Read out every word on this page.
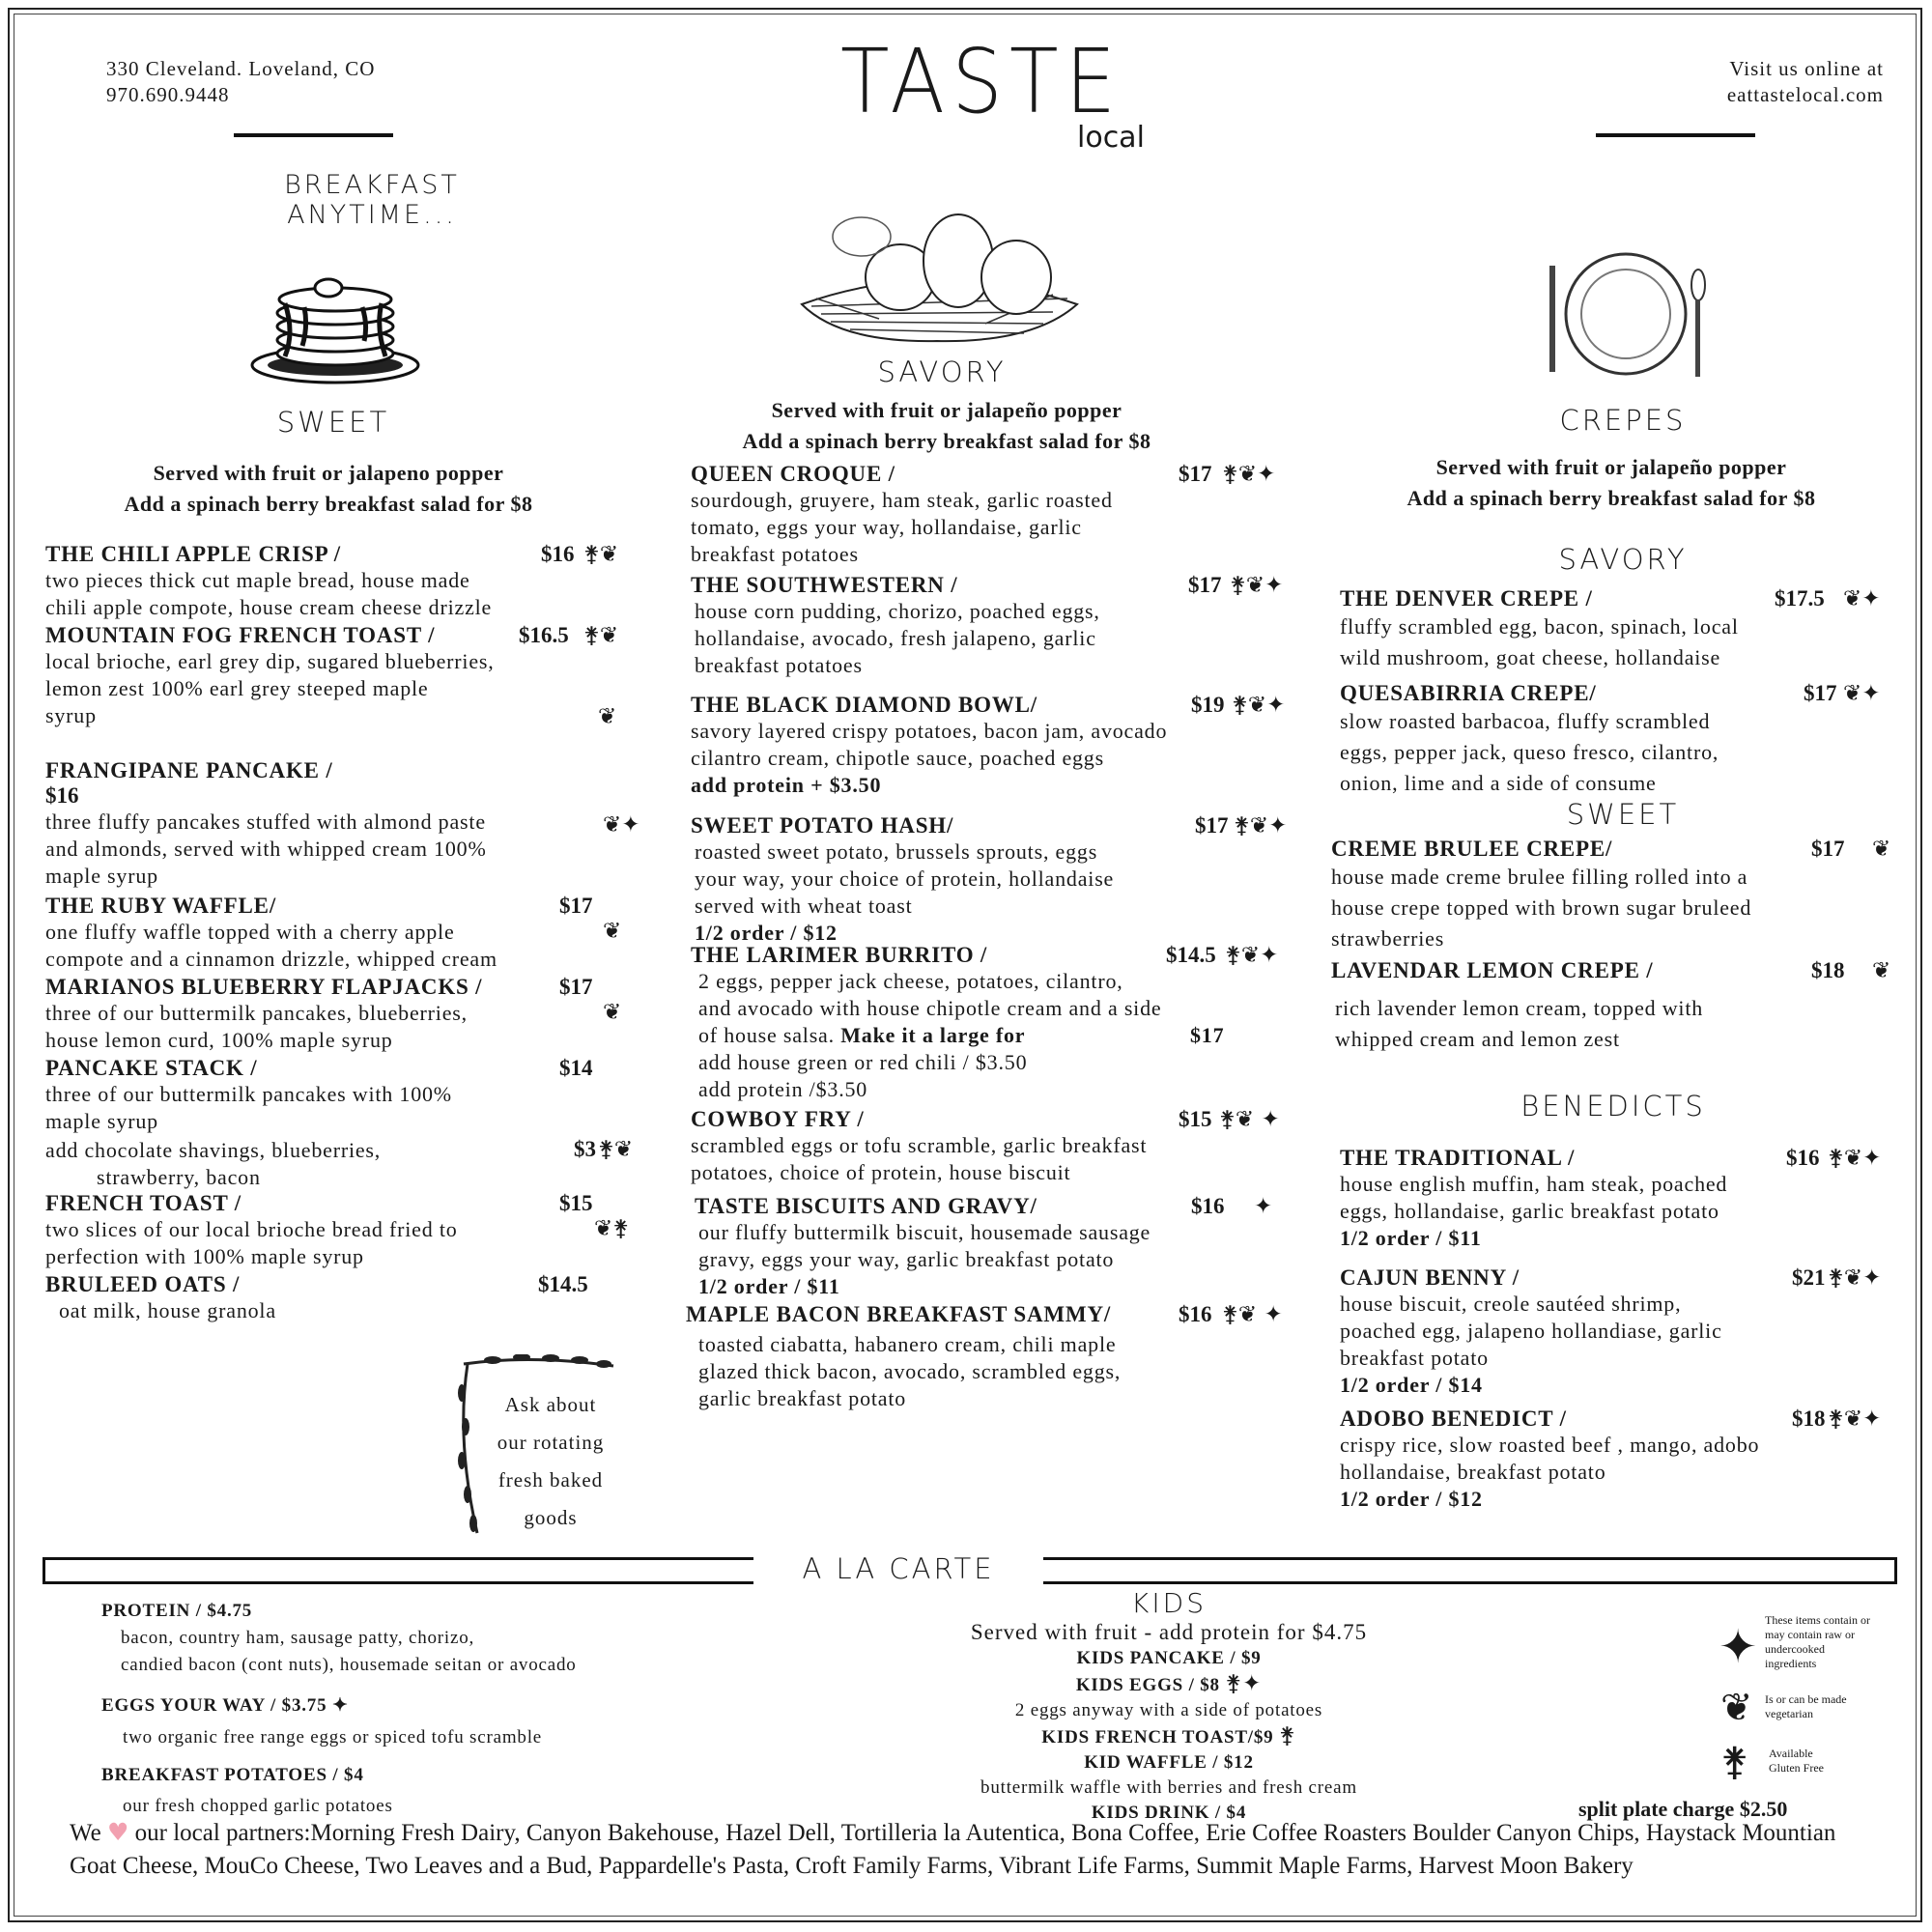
330 Cleveland. Loveland, CO
970.690.9448	TASTE
local
Visit us online at
eattastelocal.com
BREAKFAST ANYTIME...
SWEET
Served with fruit or jalapeno popper
Add a spinach berry breakfast salad for $8
THE CHILI APPLE CRISP /	$16 ⚵❦
two pieces thick cut maple bread, house made
chili apple compote, house cream cheese drizzle
MOUNTAIN FOG FRENCH TOAST /	$16.5 ⚵❦
local brioche, earl grey dip, sugared blueberries,
lemon zest 100% earl grey steeped maple
syrup	❦
FRANGIPANE PANCAKE /
$16
❦✦
three fluffy pancakes stuffed with almond paste
and almonds, served with whipped cream 100%
maple syrup
THE RUBY WAFFLE/	$17
❦
one fluffy waffle topped with a cherry apple
compote and a cinnamon drizzle, whipped cream
MARIANOS BLUEBERRY FLAPJACKS /	$17
❦
three of our buttermilk pancakes, blueberries,
house lemon curd, 100% maple syrup
PANCAKE STACK /	$14
three of our buttermilk pancakes with 100%
maple syrup
add chocolate shavings, blueberries,	$3 ⚵❦
strawberry, bacon
FRENCH TOAST /	$15
❦⚵
two slices of our local brioche bread fried to
perfection with 100% maple syrup
BRULEED OATS /	$14.5
oat milk, house granola
Ask about
our rotating
fresh baked
goods
SAVORY
Served with fruit or jalapeño popper
Add a spinach berry breakfast salad for $8
QUEEN CROQUE /	$17 ⚵❦✦
sourdough, gruyere, ham steak, garlic roasted
tomato, eggs your way, hollandaise, garlic
breakfast potatoes
THE SOUTHWESTERN /	$17 ⚵❦✦
house corn pudding, chorizo, poached eggs,
hollandaise, avocado, fresh jalapeno, garlic
breakfast potatoes
THE BLACK DIAMOND BOWL/	$19 ⚵❦✦
savory layered crispy potatoes, bacon jam, avocado
cilantro cream, chipotle sauce, poached eggs
add protein + $3.50
SWEET POTATO HASH/	$17 ⚵❦✦
roasted sweet potato, brussels sprouts, eggs
your way, your choice of protein, hollandaise
served with wheat toast
1/2 order / $12
THE LARIMER BURRITO /	$14.5 ⚵❦✦
2 eggs, pepper jack cheese, potatoes, cilantro,
and avocado with house chipotle cream and a side
of house salsa. Make it a large for	$17
add house green or red chili / $3.50
add protein /$3.50
COWBOY FRY /	$15 ⚵❦ ✦
scrambled eggs or tofu scramble, garlic breakfast
potatoes, choice of protein, house biscuit
TASTE BISCUITS AND GRAVY/	$16 ✦
our fluffy buttermilk biscuit, housemade sausage
gravy, eggs your way, garlic breakfast potato
1/2 order / $11
MAPLE BACON BREAKFAST SAMMY/	$16 ⚵❦ ✦
toasted ciabatta, habanero cream, chili maple
glazed thick bacon, avocado, scrambled eggs,
garlic breakfast potato
CREPES
Served with fruit or jalapeño popper
Add a spinach berry breakfast salad for $8
SAVORY
THE DENVER CREPE /	$17.5 ❦✦
fluffy scrambled egg, bacon, spinach, local
wild mushroom, goat cheese, hollandaise
QUESABIRRIA CREPE/	$17 ❦✦
slow roasted barbacoa, fluffy scrambled
eggs, pepper jack, queso fresco, cilantro,
onion, lime and a side of consume
SWEET
CREME BRULEE CREPE/	$17 ❦
house made creme brulee filling rolled into a
house crepe topped with brown sugar bruleed
strawberries
LAVENDAR LEMON CREPE /	$18 ❦
rich lavender lemon cream, topped with
whipped cream and lemon zest
BENEDICTS
THE TRADITIONAL /	$16 ⚵❦✦
house english muffin, ham steak, poached
eggs, hollandaise, garlic breakfast potato
1/2 order / $11
CAJUN BENNY /	$21 ⚵❦✦
house biscuit, creole sautéed shrimp,
poached egg, jalapeno hollandiase, garlic
breakfast potato
1/2 order / $14
ADOBO BENEDICT /	$18 ⚵❦✦
crispy rice, slow roasted beef , mango, adobo
hollandaise, breakfast potato
1/2 order / $12
A LA CARTE
PROTEIN / $4.75
bacon, country ham, sausage patty, chorizo,
candied bacon (cont nuts), housemade seitan or avocado
EGGS YOUR WAY / $3.75 ✦
two organic free range eggs or spiced tofu scramble
BREAKFAST POTATOES / $4
our fresh chopped garlic potatoes
KIDS
Served with fruit - add protein for $4.75
KIDS PANCAKE / $9
KIDS EGGS / $8 ⚵✦
2 eggs anyway with a side of potatoes
KIDS FRENCH TOAST/$9 ⚵
KID WAFFLE / $12
buttermilk waffle with berries and fresh cream
KIDS DRINK / $4
✦ These items contain or
may contain raw or
undercooked
ingredients
❦ Is or can be made
vegetarian
⚵ Available
Gluten Free
split plate charge $2.50
We ♥ our local partners:Morning Fresh Dairy, Canyon Bakehouse, Hazel Dell, Tortilleria la Autentica, Bona Coffee, Erie Coffee Roasters Boulder Canyon Chips, Haystack Mountian Goat Cheese, MouCo Cheese, Two Leaves and a Bud, Pappardelle's Pasta, Croft Family Farms, Vibrant Life Farms, Summit Maple Farms, Harvest Moon Bakery
